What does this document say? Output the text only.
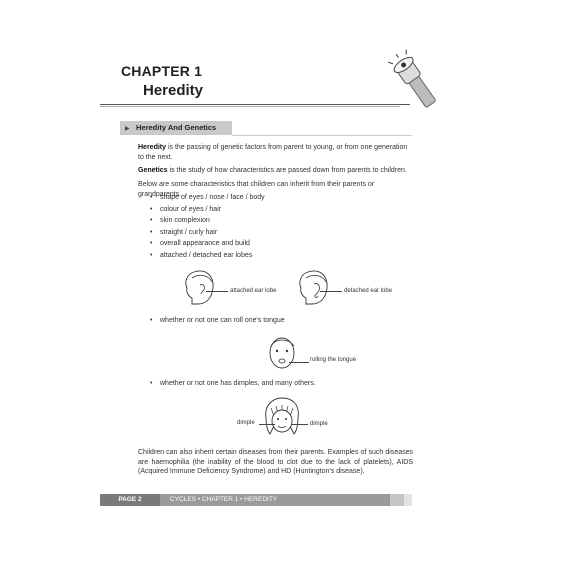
CHAPTER 1
Heredity
▶ Heredity And Genetics
Heredity is the passing of genetic factors from parent to young, or from one generation to the next.
Genetics is the study of how characteristics are passed down from parents to children.
Below are some characteristics that children can inherit from their parents or grandparents.
• shape of eyes / nose / face / body
• colour of eyes / hair
• skin complexion
• straight / curly hair
• overall appearance and build
• attached / detached ear lobes
attached ear lobe	detached ear lobe
• whether or not one can roll one's tongue
rolling the tongue
• whether or not one has dimples, and many others.
dimple	dimple
Children can also inherit certain diseases from their parents. Examples of such diseases are haemophilia (the inability of the blood to clot due to the lack of platelets), AIDS (Acquired Immune Deficiency Syndrome) and HD (Huntington's disease).
PAGE 2	CYCLES • CHAPTER 1 • HEREDITY
